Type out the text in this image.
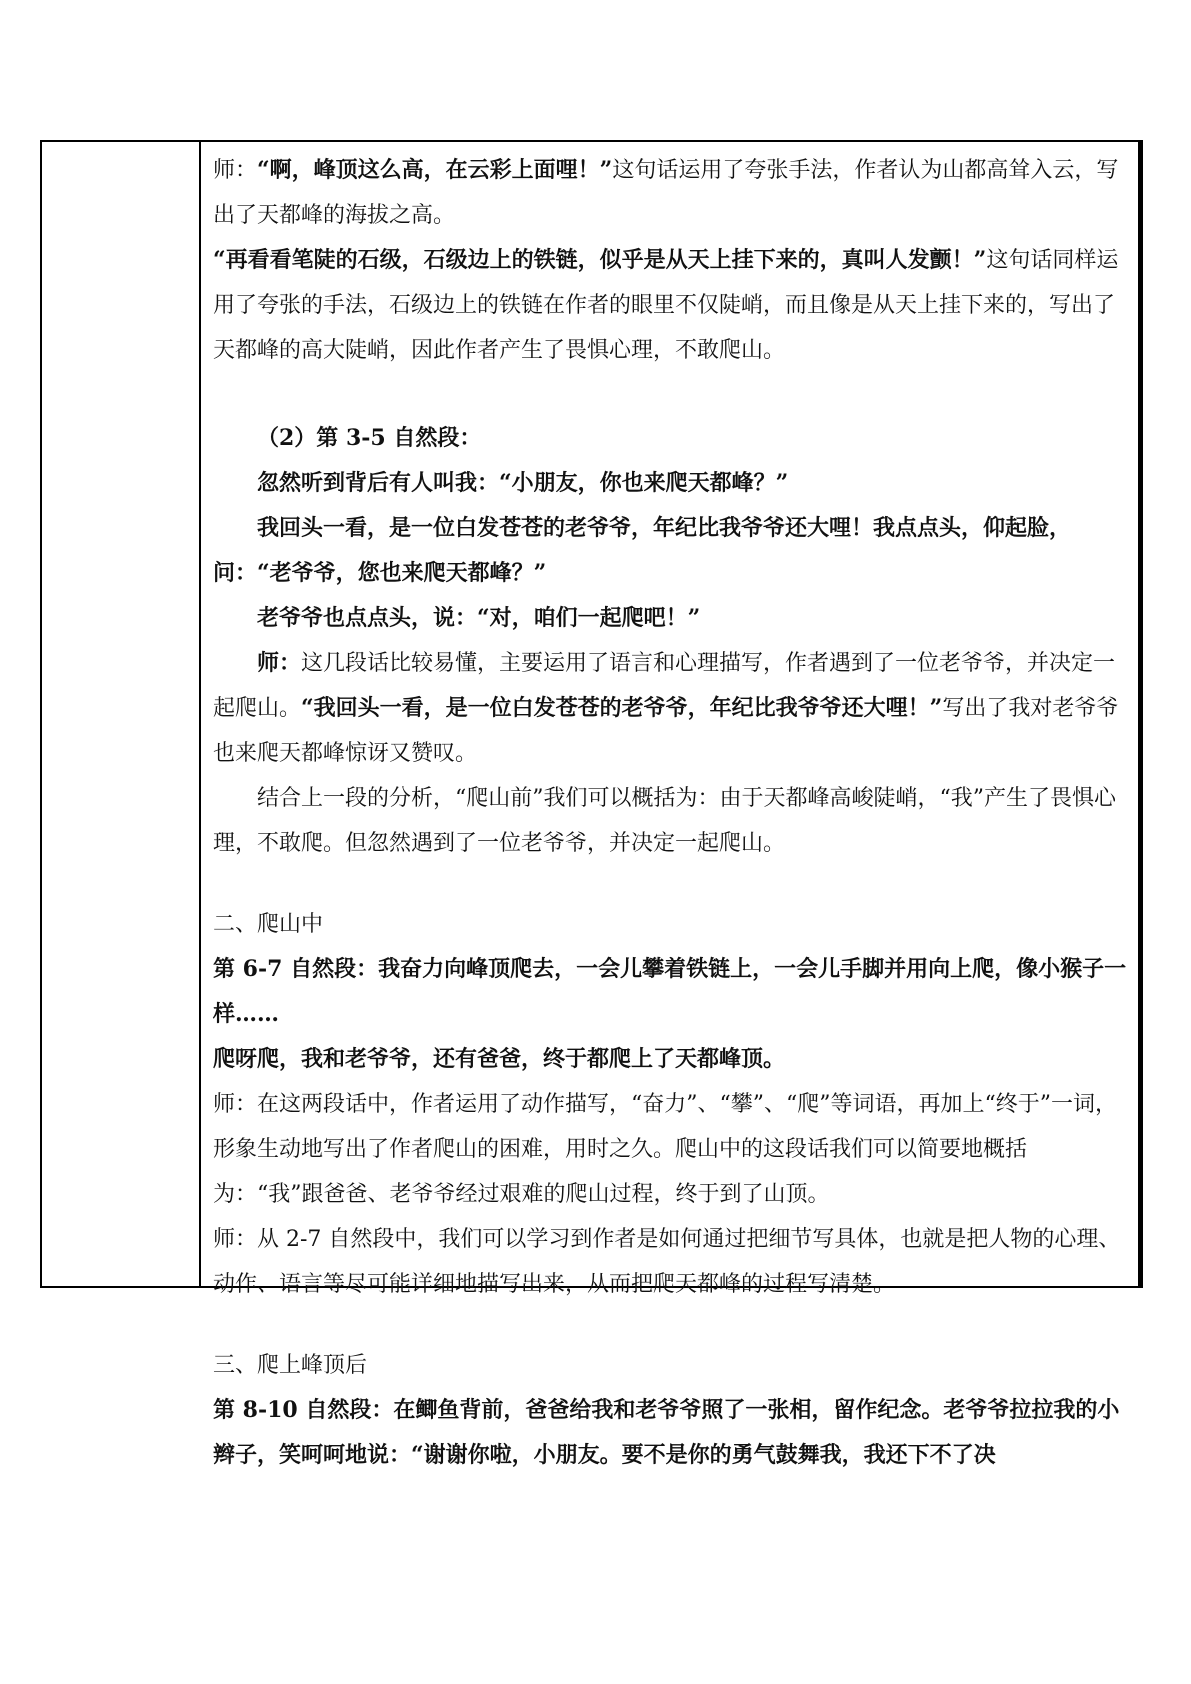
师：“啊，峰顶这么高，在云彩上面哩！”这句话运用了夸张手法，作者认为山都高耸入云，写出了天都峰的海拔之高。

“再看看笔陡的石级，石级边上的铁链，似乎是从天上挂下来的，真叫人发颤！”这句话同样运用了夸张的手法，石级边上的铁链在作者的眼里不仅陡峭，而且像是从天上挂下来的，写出了天都峰的高大陡峭，因此作者产生了畏惧心理，不敢爬山。

（2）第 3-5 自然段：

忽然听到背后有人叫我：“小朋友，你也来爬天都峰？”

我回头一看，是一位白发苍苍的老爷爷，年纪比我爷爷还大哩！我点点头，仰起脸，问：“老爷爷，您也来爬天都峰？”

老爷爷也点点头，说：“对，咱们一起爬吧！”

师：这几段话比较易懂，主要运用了语言和心理描写，作者遇到了一位老爷爷，并决定一起爬山。“我回头一看，是一位白发苍苍的老爷爷，年纪比我爷爷还大哩！”写出了我对老爷爷也来爬天都峰惊讶又赞叹。

结合上一段的分析，“爬山前”我们可以概括为：由于天都峰高峻陡峭，“我”产生了畏惧心理，不敢爬。但忽然遇到了一位老爷爷，并决定一起爬山。

二、爬山中

第 6-7 自然段：我奋力向峰顶爬去，一会儿攀着铁链上，一会儿手脚并用向上爬，像小猴子一样……

爬呀爬，我和老爷爷，还有爸爸，终于都爬上了天都峰顶。

师：在这两段话中，作者运用了动作描写，“奋力”、“攀”、“爬”等词语，再加上“终于”一词，形象生动地写出了作者爬山的困难，用时之久。爬山中的这段话我们可以简要地概括为：“我”跟爸爸、老爷爷经过艰难的爬山过程，终于到了山顶。

师：从 2-7 自然段中，我们可以学习到作者是如何通过把细节写具体，也就是把人物的心理、动作、语言等尽可能详细地描写出来，从而把爬天都峰的过程写清楚。

三、爬上峰顶后

第 8-10 自然段：在鲫鱼背前，爸爸给我和老爷爷照了一张相，留作纪念。老爷爷拉拉我的小辫子，笑呵呵地说：“谢谢你啦，小朋友。要不是你的勇气鼓舞我，我还下不了决
